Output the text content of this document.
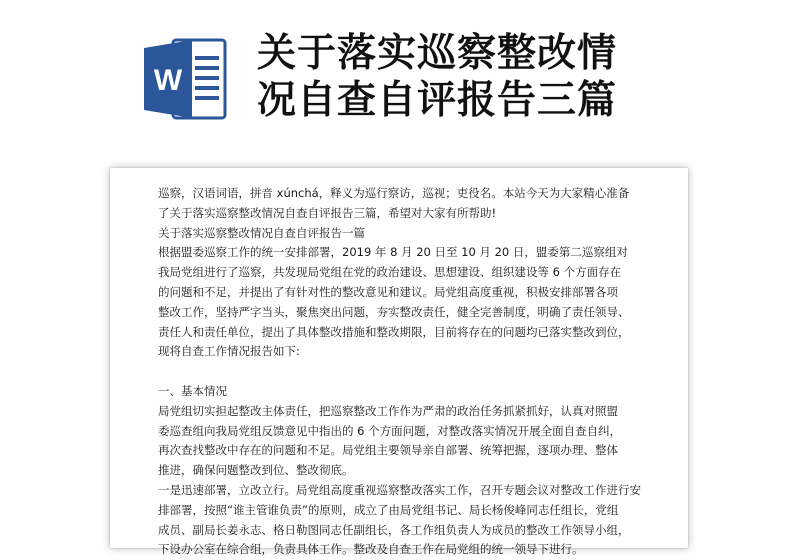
W
关于落实巡察整改情
况自查自评报告三篇

巡察，汉语词语，拼音 xúnchá，释义为巡行察访，巡视；吏役名。本站今天为大家精心准备

了关于落实巡察整改情况自查自评报告三篇，希望对大家有所帮助!

关于落实巡察整改情况自查自评报告一篇

根据盟委巡察工作的统一安排部署，2019 年 8 月 20 日至 10 月 20 日，盟委第二巡察组对

我局党组进行了巡察，共发现局党组在党的政治建设、思想建设、组织建设等 6 个方面存在

的问题和不足，并提出了有针对性的整改意见和建议。局党组高度重视，积极安排部署各项

整改工作，坚持严字当头，聚焦突出问题，夯实整改责任，健全完善制度，明确了责任领导、

责任人和责任单位，提出了具体整改措施和整改期限，目前将存在的问题均已落实整改到位，

现将自查工作情况报告如下:

一、基本情况

局党组切实担起整改主体责任，把巡察整改工作作为严肃的政治任务抓紧抓好，认真对照盟

委巡查组向我局党组反馈意见中指出的 6 个方面问题，对整改落实情况开展全面自查自纠，

再次查找整改中存在的问题和不足。局党组主要领导亲自部署、统筹把握，逐项办理、整体

推进，确保问题整改到位、整改彻底。

一是迅速部署，立改立行。局党组高度重视巡察整改落实工作，召开专题会议对整改工作进行安

排部署，按照“谁主管谁负责”的原则，成立了由局党组书记、局长杨俊峰同志任组长，党组

成员、副局长姜永志、格日勒图同志任副组长，各工作组负责人为成员的整改工作领导小组，

下设办公室在综合组，负责具体工作。整改及自查工作在局党组的统一领导下进行。
